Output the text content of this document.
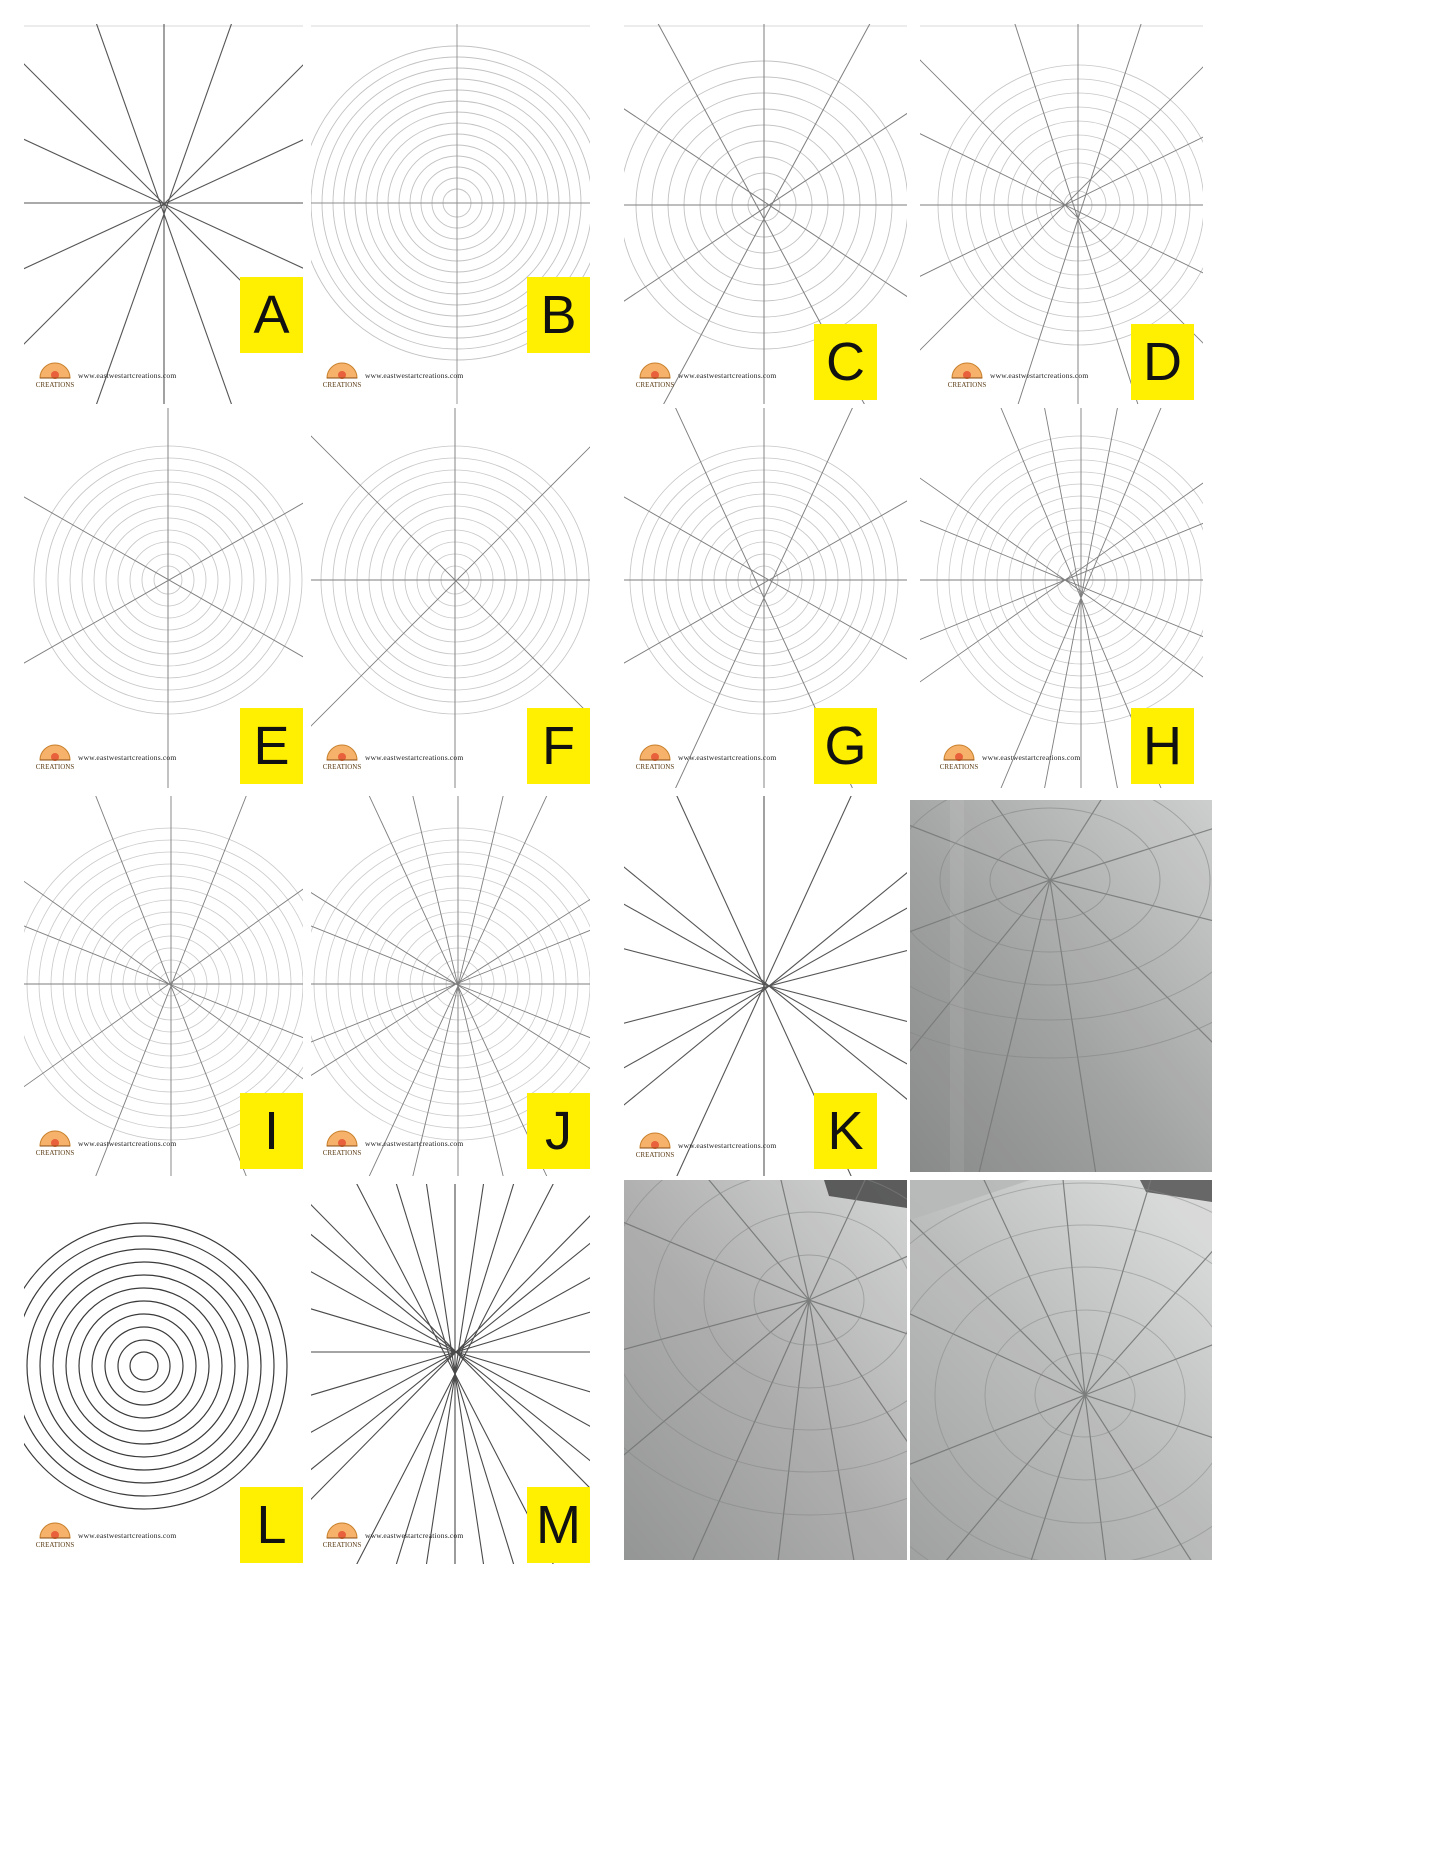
CREATIONS
www.eastwestartcreations.com
A
CREATIONS
www.eastwestartcreations.com
B
CREATIONS
www.eastwestartcreations.com C	CREATIONS
www.eastwestartcreations.com D
CREATIONS
www.eastwestartcreations.com E	CREATIONS
www.eastwestartcreations.com F	CREATIONS
www.eastwestartcreations.com G	CREATIONS
www.eastwestartcreations.com H
CREATIONS
www.eastwestartcreations.com	I	CREATIONS
www.eastwestartcreations.com	J	CREATIONS
www.eastwestartcreations.com K
CREATIONS
www.eastwestartcreations.com	L	CREATIONS
www.eastwestartcreations.com M
